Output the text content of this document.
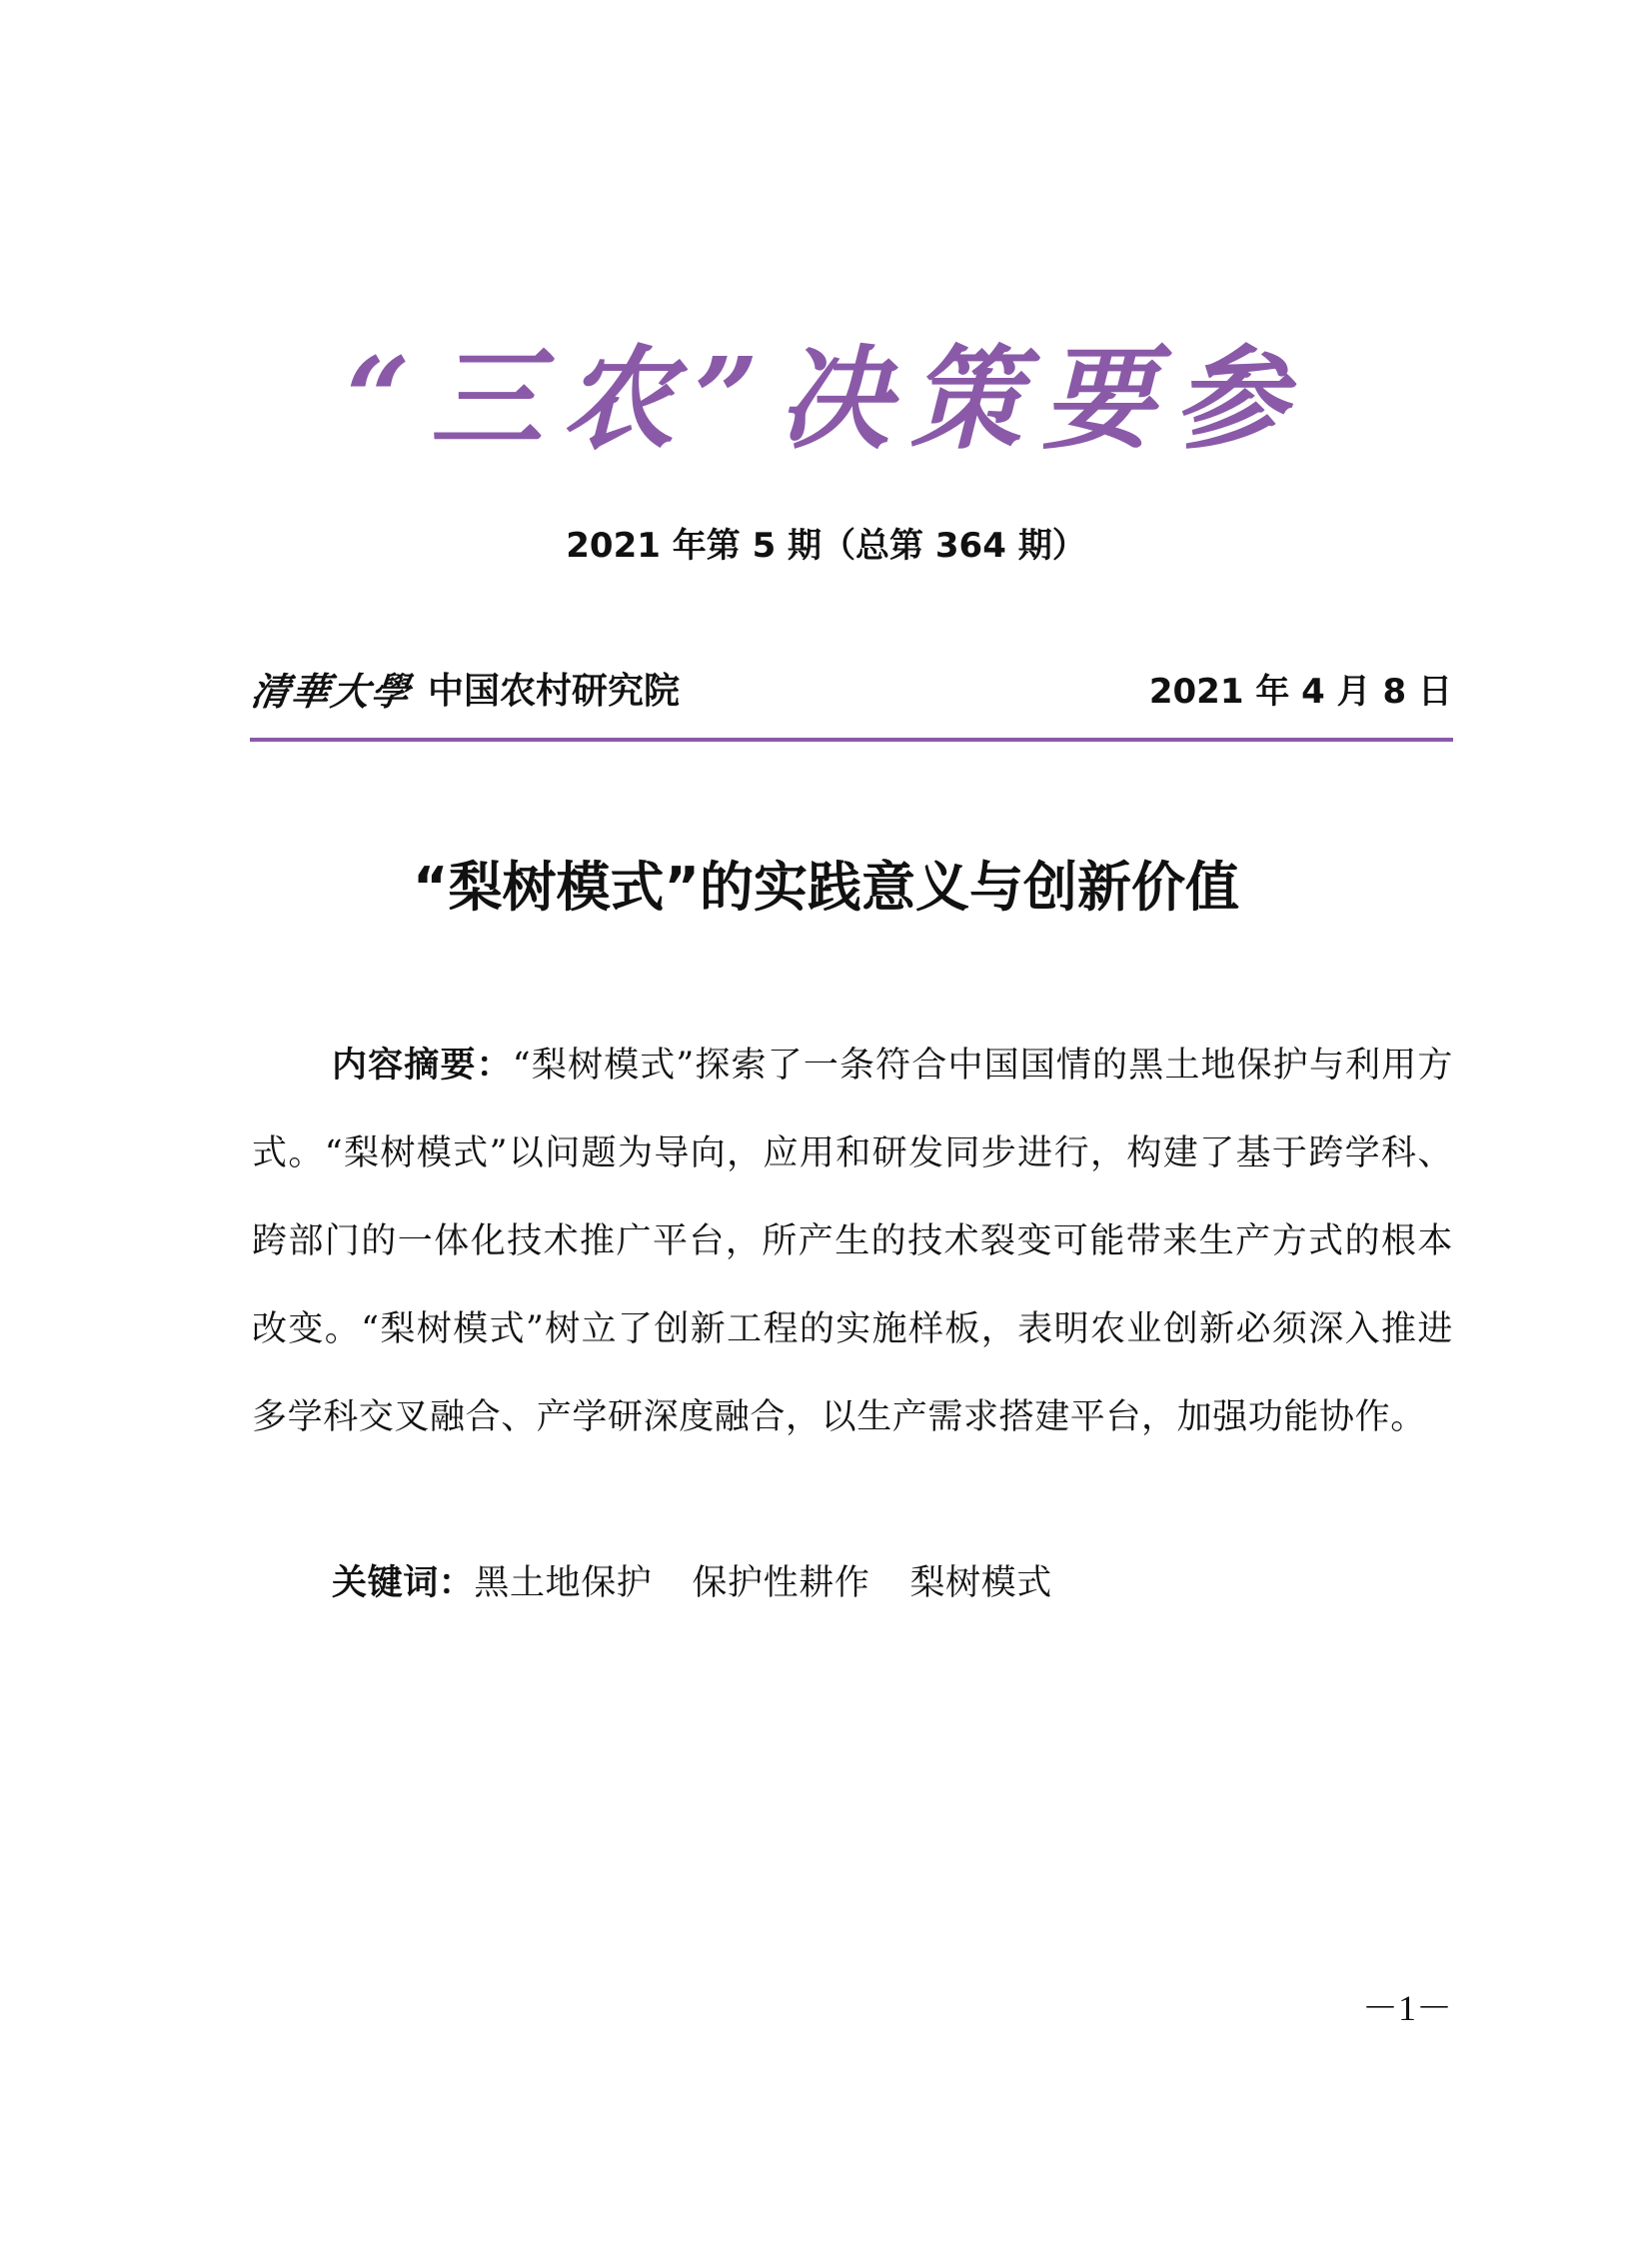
“三农”决策要参
2021 年第 5 期（总第 364 期）
清華大學 中国农村研究院	2021 年 4 月 8 日
“梨树模式”的实践意义与创新价值

内容摘要：“梨树模式”探索了一条符合中国国情的黑土地保护与利用方式。“梨树模式”以问题为导向，应用和研发同步进行，构建了基于跨学科、跨部门的一体化技术推广平台，所产生的技术裂变可能带来生产方式的根本改变。“梨树模式”树立了创新工程的实施样板，表明农业创新必须深入推进多学科交叉融合、产学研深度融合，以生产需求搭建平台，加强功能协作。

关键词：黑土地保护 保护性耕作 梨树模式
－1－
